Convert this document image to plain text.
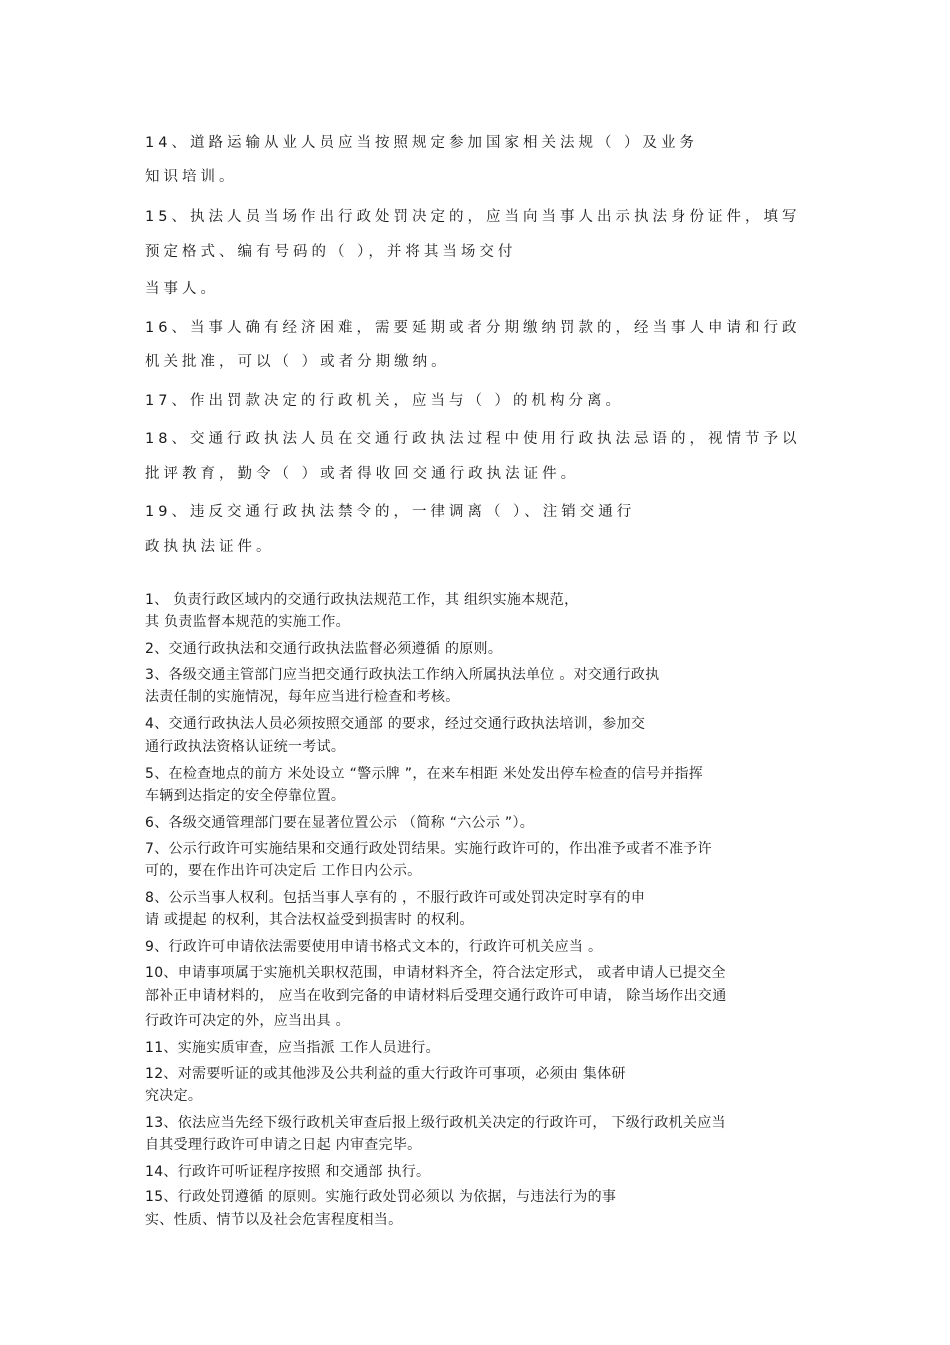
14、道路运输从业人员应当按照规定参加国家相关法规（ ）及业务

知识培训。

15、执法人员当场作出行政处罚决定的，应当向当事人出示执法身份证件，填写

预定格式、编有号码的（ ），并将其当场交付

当事人。

16、当事人确有经济困难，需要延期或者分期缴纳罚款的，经当事人申请和行政

机关批准，可以（ ）或者分期缴纳。

17、作出罚款决定的行政机关，应当与（ ）的机构分离。

18、交通行政执法人员在交通行政执法过程中使用行政执法忌语的，视情节予以

批评教育，勤令（ ）或者得收回交通行政执法证件。

19、违反交通行政执法禁令的，一律调离（ ）、注销交通行

政执执法证件。

1、 负责行政区域内的交通行政执法规范工作，其 组织实施本规范，

其 负责监督本规范的实施工作。

2、交通行政执法和交通行政执法监督必须遵循 的原则。

3、各级交通主管部门应当把交通行政执法工作纳入所属执法单位 。对交通行政执

法责任制的实施情况，每年应当进行检查和考核。

4、交通行政执法人员必须按照交通部 的要求，经过交通行政执法培训，参加交

通行政执法资格认证统一考试。

5、在检查地点的前方 米处设立 “警示牌 ”，在来车相距 米处发出停车检查的信号并指挥

车辆到达指定的安全停靠位置。

6、各级交通管理部门要在显著位置公示 （简称 “六公示 ”）。

7、公示行政许可实施结果和交通行政处罚结果。实施行政许可的，作出准予或者不准予许

可的，要在作出许可决定后 工作日内公示。

8、公示当事人权利。包括当事人享有的 ，不服行政许可或处罚决定时享有的申

请 或提起 的权利，其合法权益受到损害时 的权利。

9、行政许可申请依法需要使用申请书格式文本的，行政许可机关应当 。

10、申请事项属于实施机关职权范围，申请材料齐全，符合法定形式， 或者申请人已提交全

部补正申请材料的， 应当在收到完备的申请材料后受理交通行政许可申请， 除当场作出交通

行政许可决定的外，应当出具 。

11、实施实质审查，应当指派 工作人员进行。

12、对需要听证的或其他涉及公共利益的重大行政许可事项，必须由 集体研

究决定。

13、依法应当先经下级行政机关审查后报上级行政机关决定的行政许可， 下级行政机关应当

自其受理行政许可申请之日起 内审查完毕。

14、行政许可听证程序按照 和交通部 执行。

15、行政处罚遵循 的原则。实施行政处罚必须以 为依据，与违法行为的事

实、性质、情节以及社会危害程度相当。
